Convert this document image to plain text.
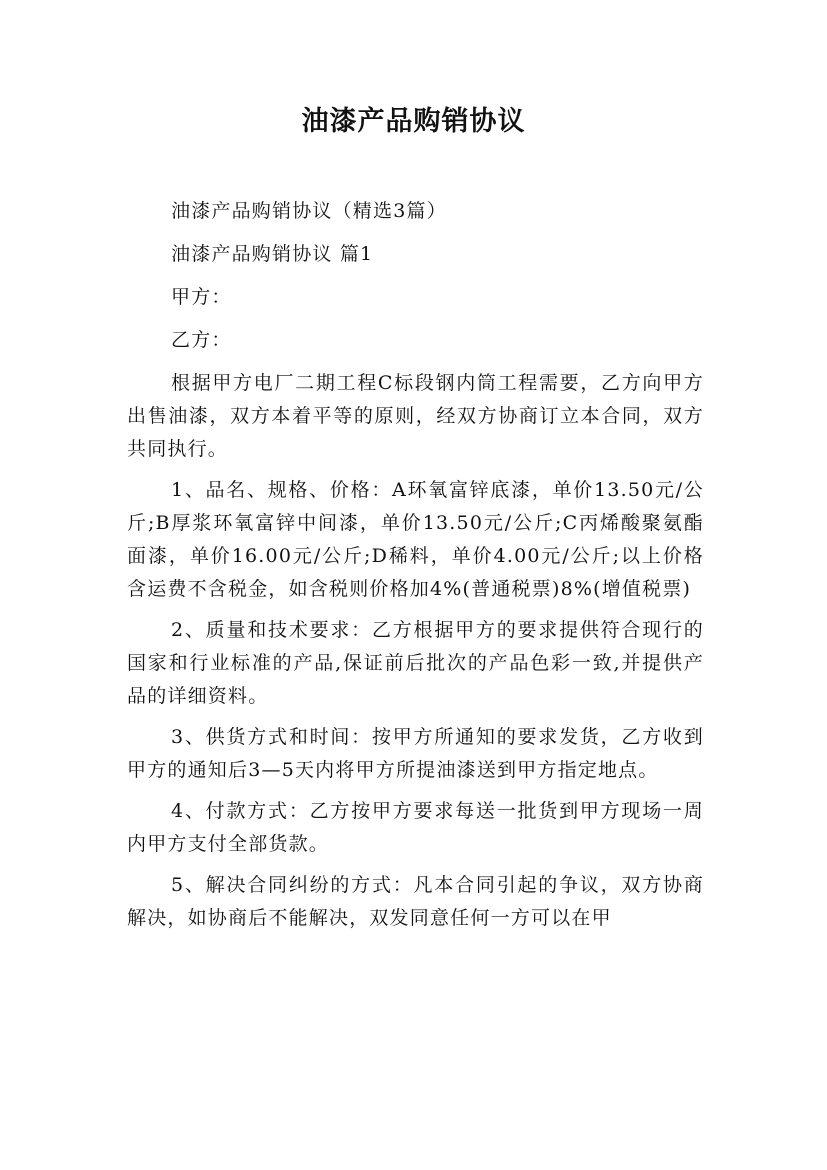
油漆产品购销协议

油漆产品购销协议（精选3篇）

油漆产品购销协议 篇1

甲方：

乙方：

根据甲方电厂二期工程C标段钢内筒工程需要，乙方向甲方出售油漆，双方本着平等的原则，经双方协商订立本合同，双方共同执行。

1、品名、规格、价格：A环氧富锌底漆，单价13.50元/公斤;B厚浆环氧富锌中间漆，单价13.50元/公斤;C丙烯酸聚氨酯面漆，单价16.00元/公斤;D稀料，单价4.00元/公斤;以上价格含运费不含税金，如含税则价格加4%(普通税票)8%(增值税票)

2、质量和技术要求：乙方根据甲方的要求提供符合现行的国家和行业标准的产品,保证前后批次的产品色彩一致,并提供产品的详细资料。

3、供货方式和时间：按甲方所通知的要求发货，乙方收到甲方的通知后3—5天内将甲方所提油漆送到甲方指定地点。

4、付款方式：乙方按甲方要求每送一批货到甲方现场一周内甲方支付全部货款。

5、解决合同纠纷的方式：凡本合同引起的争议，双方协商解决，如协商后不能解决，双发同意任何一方可以在甲
